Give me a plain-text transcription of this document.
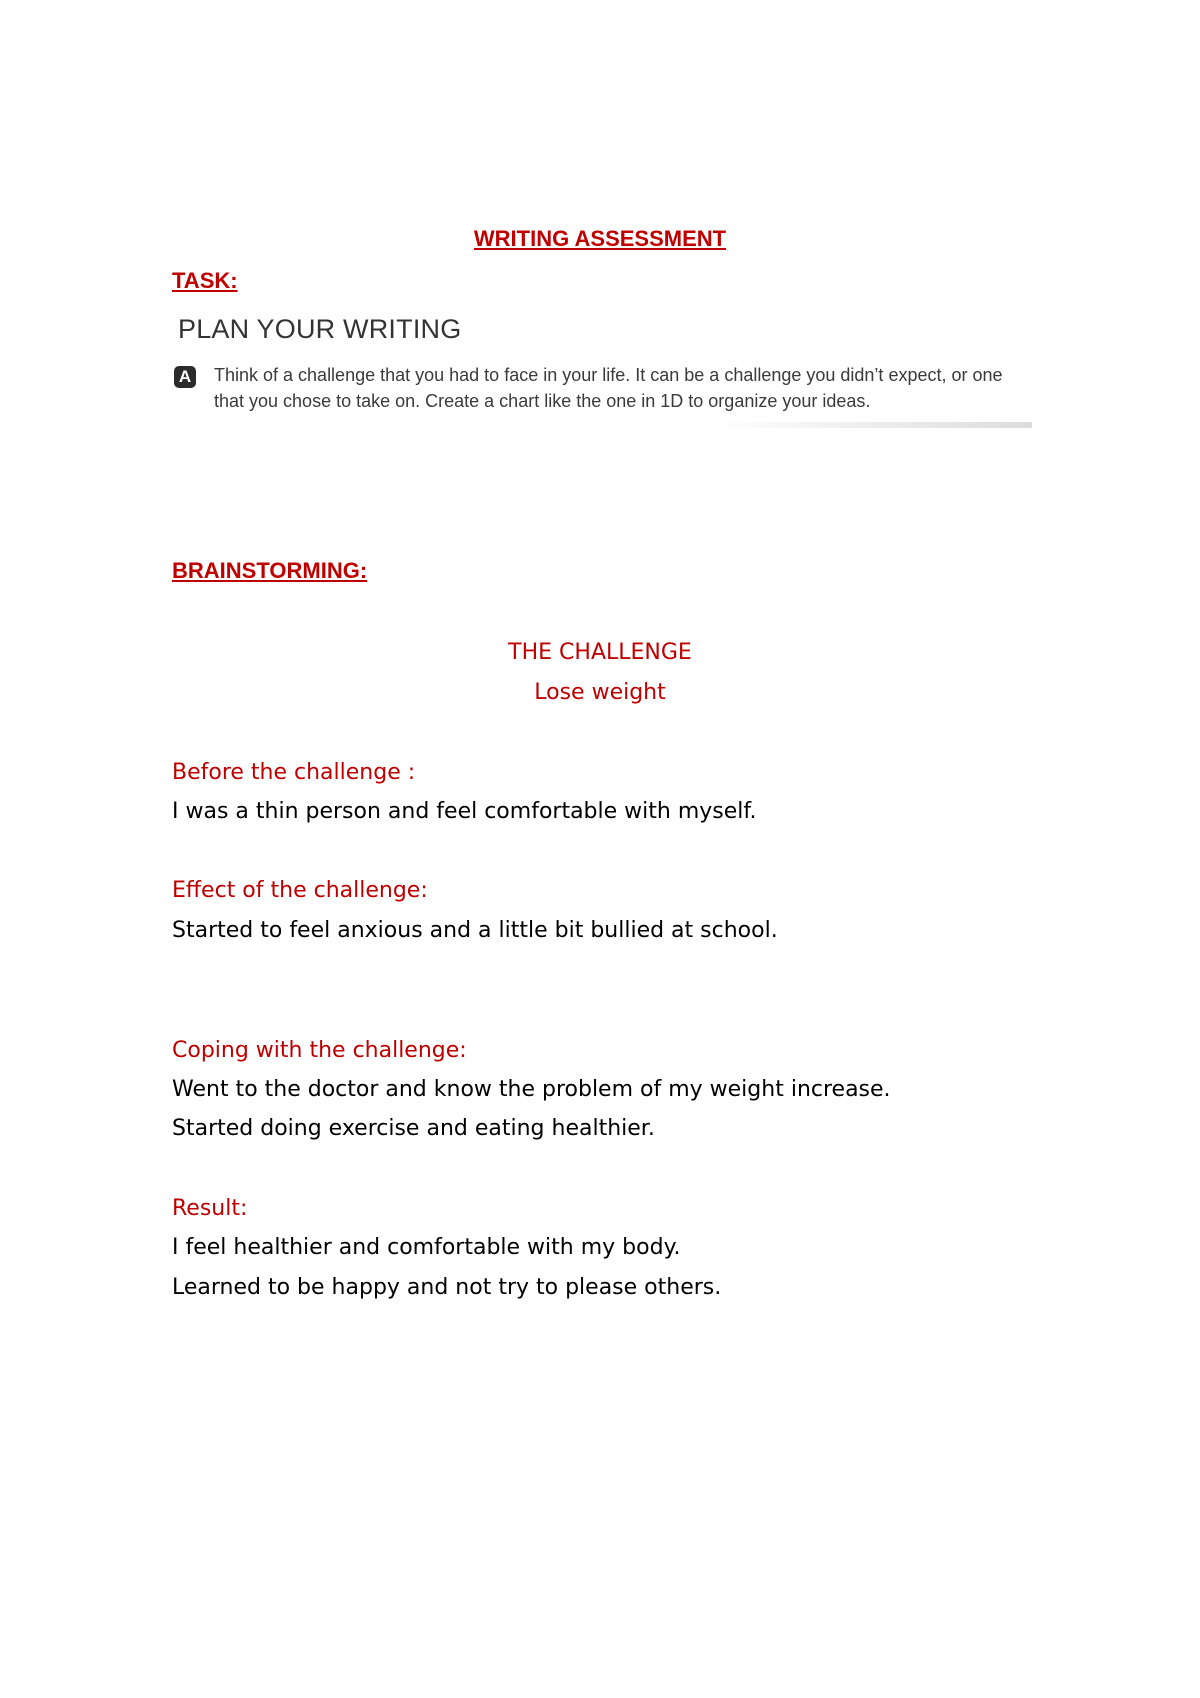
WRITING ASSESSMENT
TASK:

PLAN YOUR WRITING

A Think of a challenge that you had to face in your life. It can be a challenge you didn’t expect, or one that you chose to take on. Create a chart like the one in 1D to organize your ideas.

BRAINSTORMING:

THE CHALLENGE

Lose weight

Before the challenge :

I was a thin person and feel comfortable with myself.

Effect of the challenge:

Started to feel anxious and a little bit bullied at school.

Coping with the challenge:

Went to the doctor and know the problem of my weight increase.

Started doing exercise and eating healthier.

Result:

I feel healthier and comfortable with my body.

Learned to be happy and not try to please others.
